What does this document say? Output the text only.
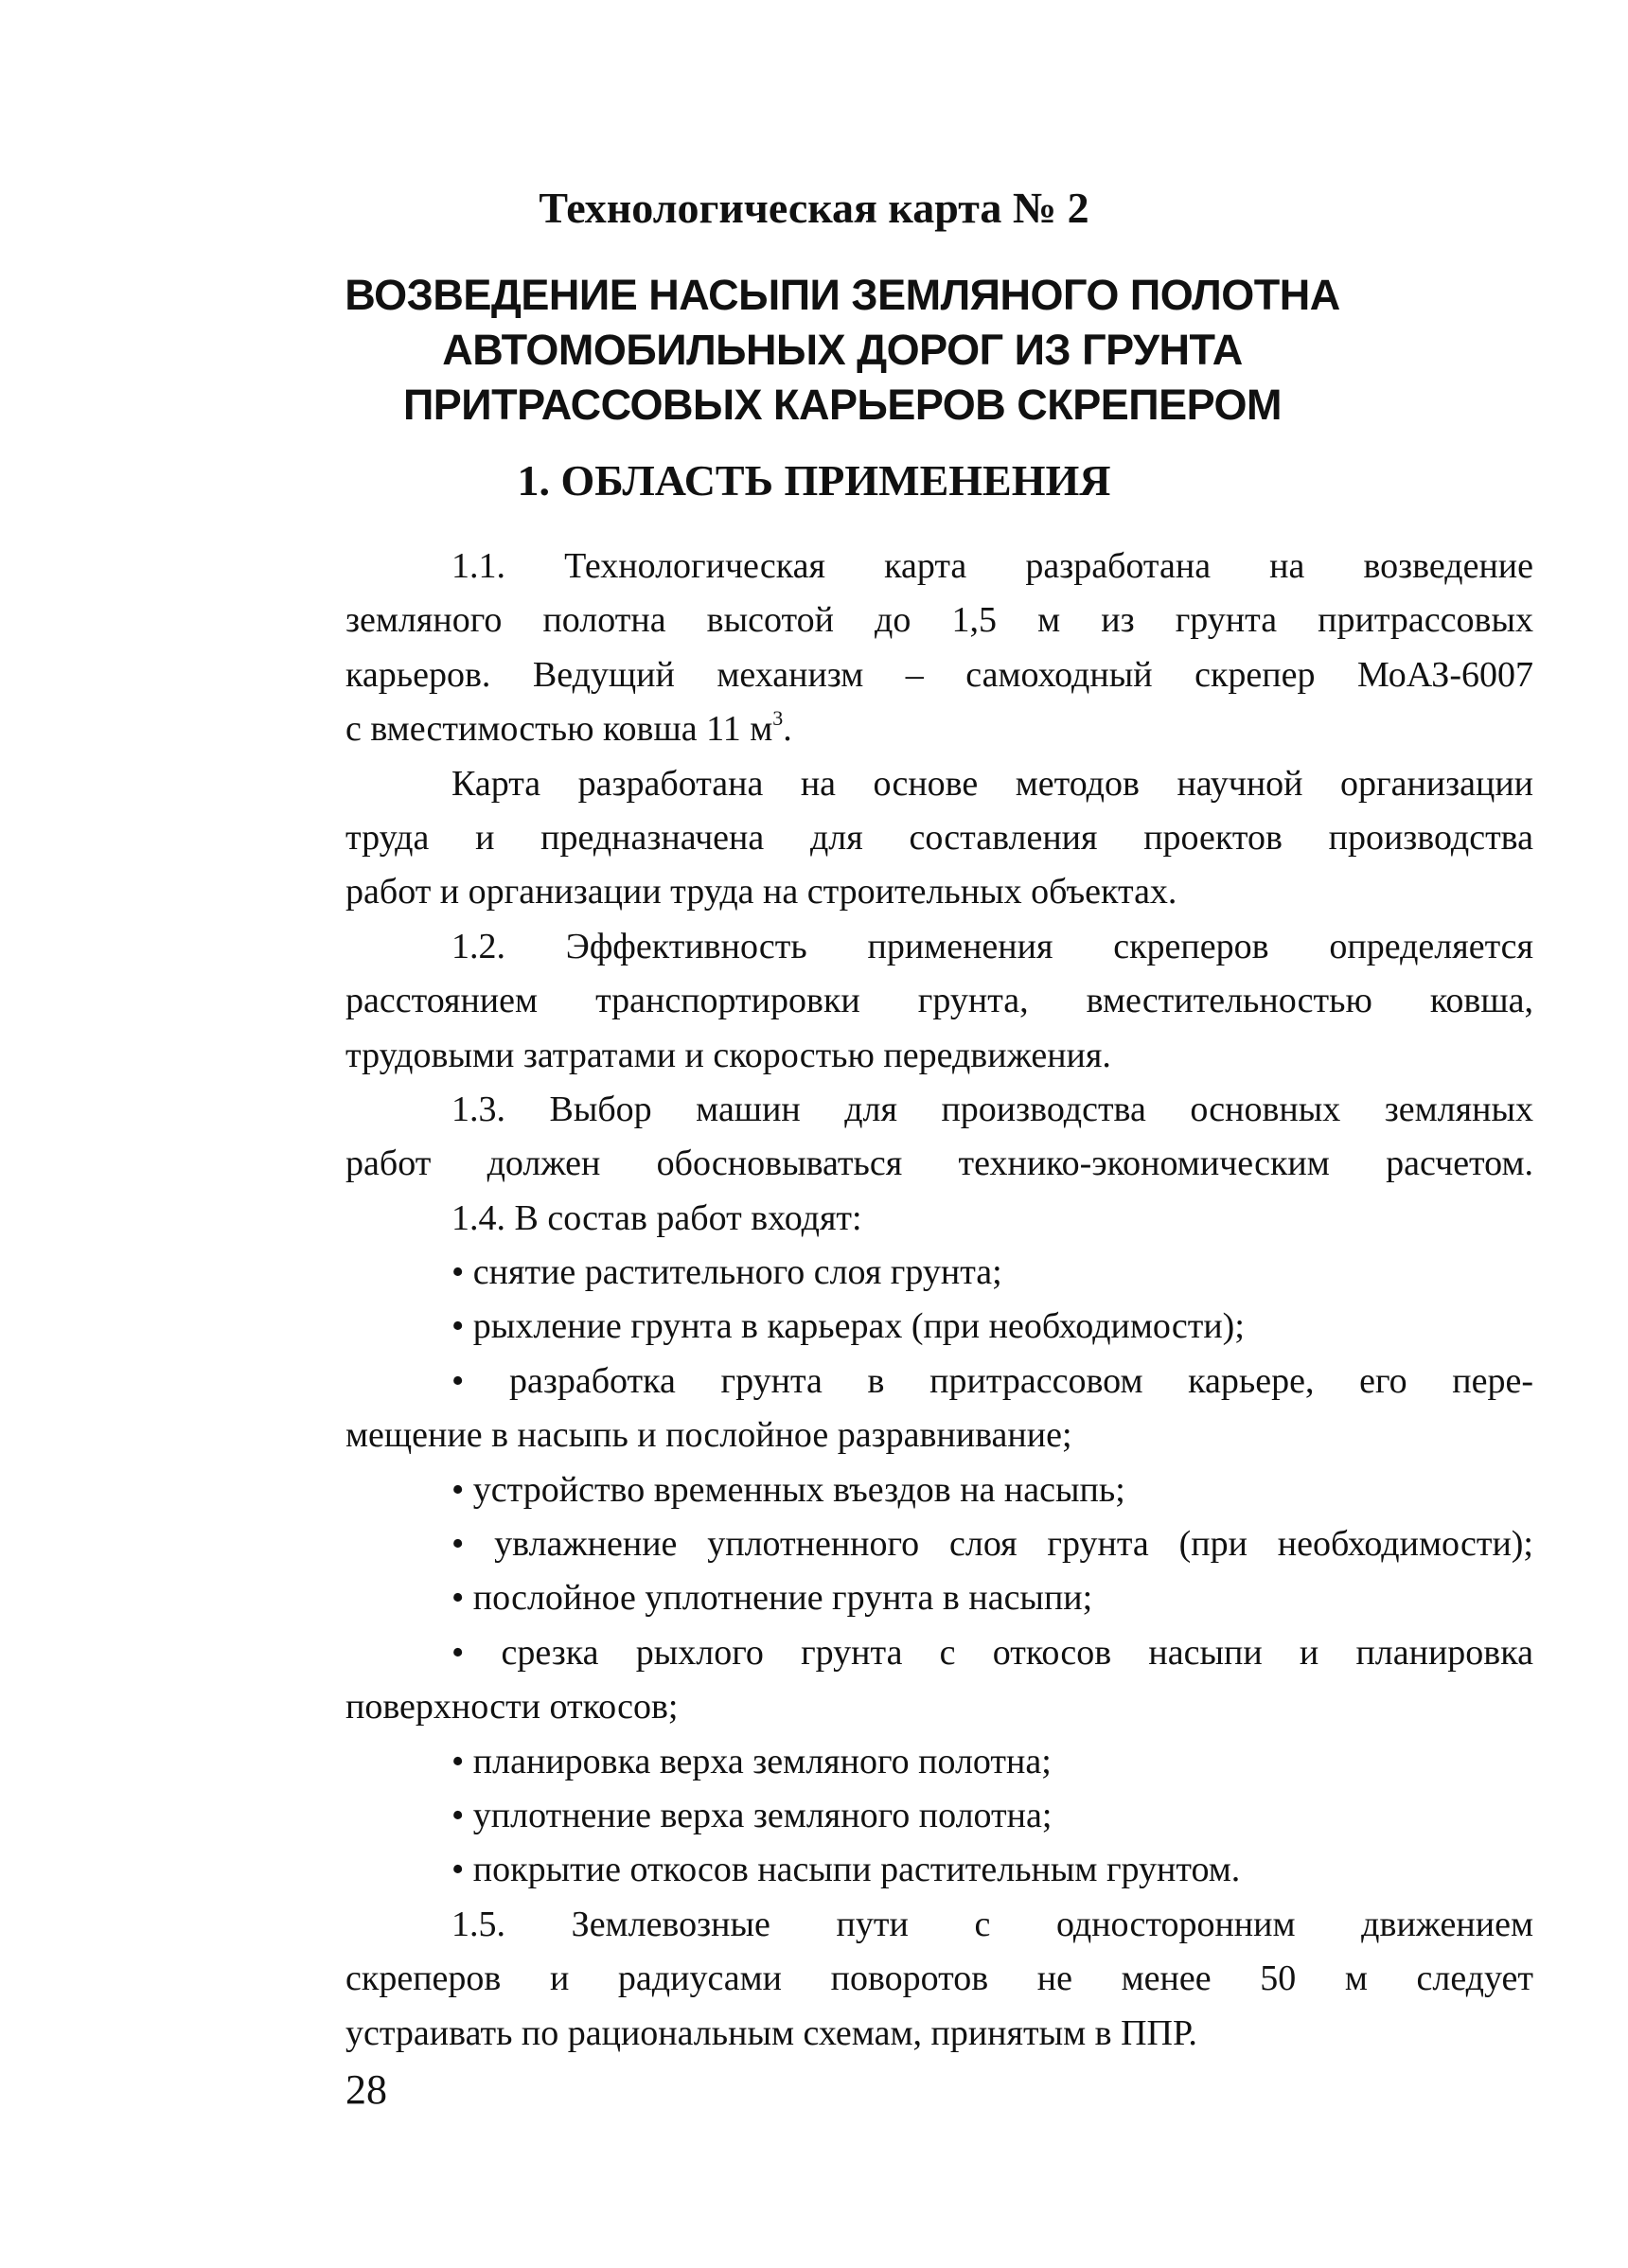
Технологическая карта № 2
ВОЗВЕДЕНИЕ НАСЫПИ ЗЕМЛЯНОГО ПОЛОТНА
АВТОМОБИЛЬНЫХ ДОРОГ ИЗ ГРУНТА
ПРИТРАССОВЫХ КАРЬЕРОВ СКРЕПЕРОМ
1. ОБЛАСТЬ ПРИМЕНЕНИЯ
1.1. Технологическая карта разработана на возведение
земляного полотна высотой до 1,5 м из грунта притрассовых
карьеров. Ведущий механизм – самоходный скрепер МоАЗ-6007
с вместимостью ковша 11 $м^3$.
Карта разработана на основе методов научной организации
труда и предназначена для составления проектов производства
работ и организации труда на строительных объектах.
1.2. Эффективность применения скреперов определяется
расстоянием транспортировки грунта, вместительностью ковша,
трудовыми затратами и скоростью передвижения.
1.3. Выбор машин для производства основных земляных
работ должен обосновываться технико-экономическим расчетом.
1.4. В состав работ входят:
• снятие растительного слоя грунта;
• рыхление грунта в карьерах (при необходимости);
• разработка грунта в притрассовом карьере, его пере-
мещение в насыпь и послойное разравнивание;
• устройство временных въездов на насыпь;
• увлажнение уплотненного слоя грунта (при необходимости);
• послойное уплотнение грунта в насыпи;
• срезка рыхлого грунта с откосов насыпи и планировка
поверхности откосов;
• планировка верха земляного полотна;
• уплотнение верха земляного полотна;
• покрытие откосов насыпи растительным грунтом.
1.5. Землевозные пути с односторонним движением
скреперов и радиусами поворотов не менее 50 м следует
устраивать по рациональным схемам, принятым в ППР.
28
